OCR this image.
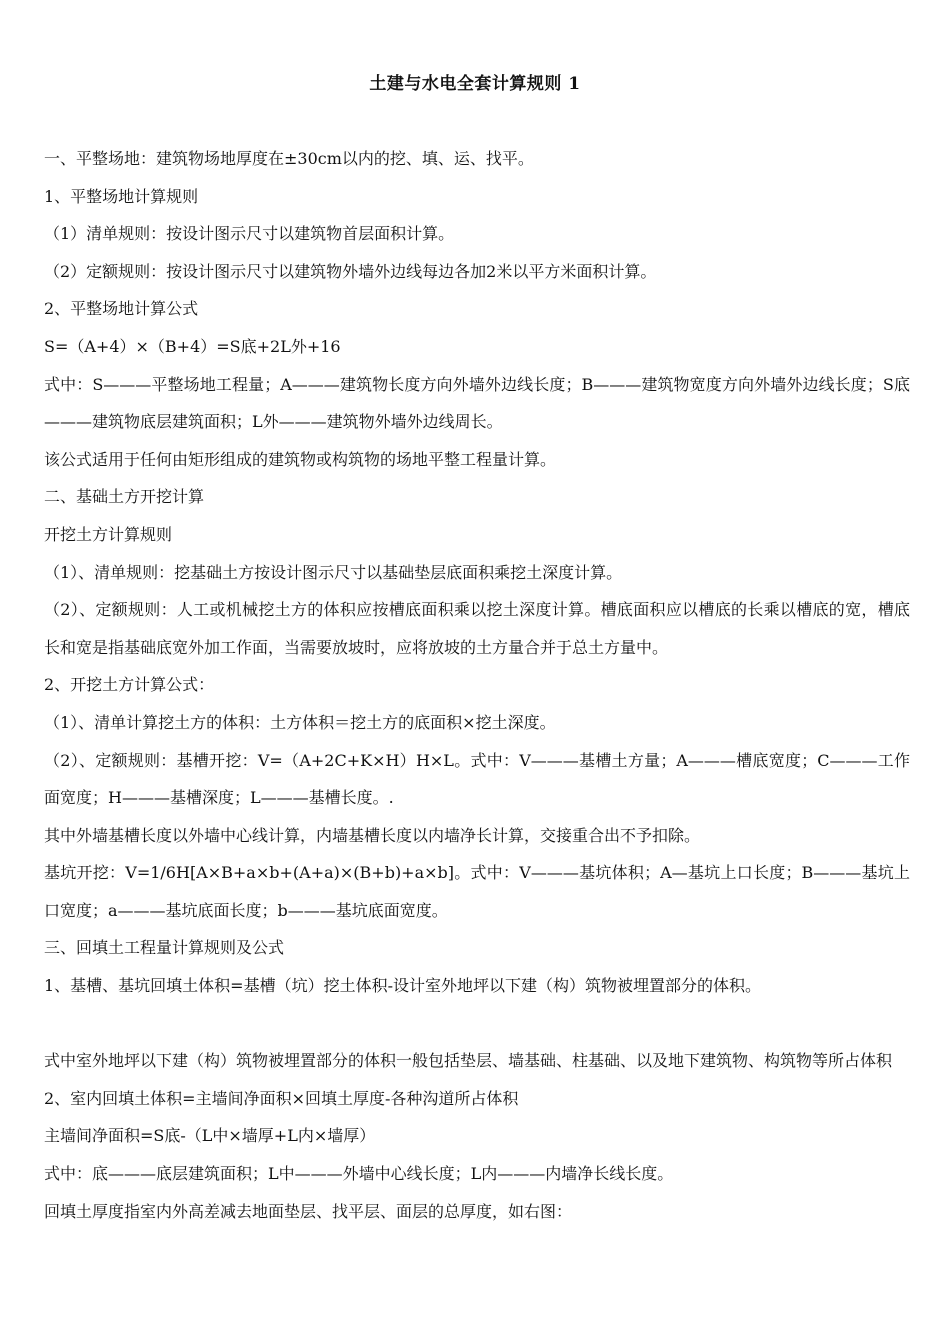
土建与水电全套计算规则 1

一、平整场地：建筑物场地厚度在±30cm以内的挖、填、运、找平。

1、平整场地计算规则

（1）清单规则：按设计图示尺寸以建筑物首层面积计算。

（2）定额规则：按设计图示尺寸以建筑物外墙外边线每边各加2米以平方米面积计算。

2、平整场地计算公式

S=（A+4）×（B+4）=S底+2L外+16

式中：S———平整场地工程量；A———建筑物长度方向外墙外边线长度；B———建筑物宽度方向外墙外边线长度；S底———建筑物底层建筑面积；L外———建筑物外墙外边线周长。

该公式适用于任何由矩形组成的建筑物或构筑物的场地平整工程量计算。

二、基础土方开挖计算

开挖土方计算规则

（1）、清单规则：挖基础土方按设计图示尺寸以基础垫层底面积乘挖土深度计算。

（2）、定额规则：人工或机械挖土方的体积应按槽底面积乘以挖土深度计算。槽底面积应以槽底的长乘以槽底的宽，槽底长和宽是指基础底宽外加工作面，当需要放坡时，应将放坡的土方量合并于总土方量中。

2、开挖土方计算公式：

（1）、清单计算挖土方的体积：土方体积＝挖土方的底面积×挖土深度。

（2）、定额规则：基槽开挖：V=（A+2C+K×H）H×L。式中：V———基槽土方量；A———槽底宽度；C———工作面宽度；H———基槽深度；L———基槽长度。.

其中外墙基槽长度以外墙中心线计算，内墙基槽长度以内墙净长计算，交接重合出不予扣除。

基坑开挖：V=1/6H[A×B+a×b+(A+a)×(B+b)+a×b]。式中：V———基坑体积；A—基坑上口长度；B———基坑上口宽度；a———基坑底面长度；b———基坑底面宽度。

三、回填土工程量计算规则及公式

1、基槽、基坑回填土体积=基槽（坑）挖土体积-设计室外地坪以下建（构）筑物被埋置部分的体积。

式中室外地坪以下建（构）筑物被埋置部分的体积一般包括垫层、墙基础、柱基础、以及地下建筑物、构筑物等所占体积

2、室内回填土体积=主墙间净面积×回填土厚度-各种沟道所占体积

主墙间净面积=S底-（L中×墙厚+L内×墙厚）

式中：底———底层建筑面积；L中———外墙中心线长度；L内———内墙净长线长度。

回填土厚度指室内外高差减去地面垫层、找平层、面层的总厚度，如右图：
